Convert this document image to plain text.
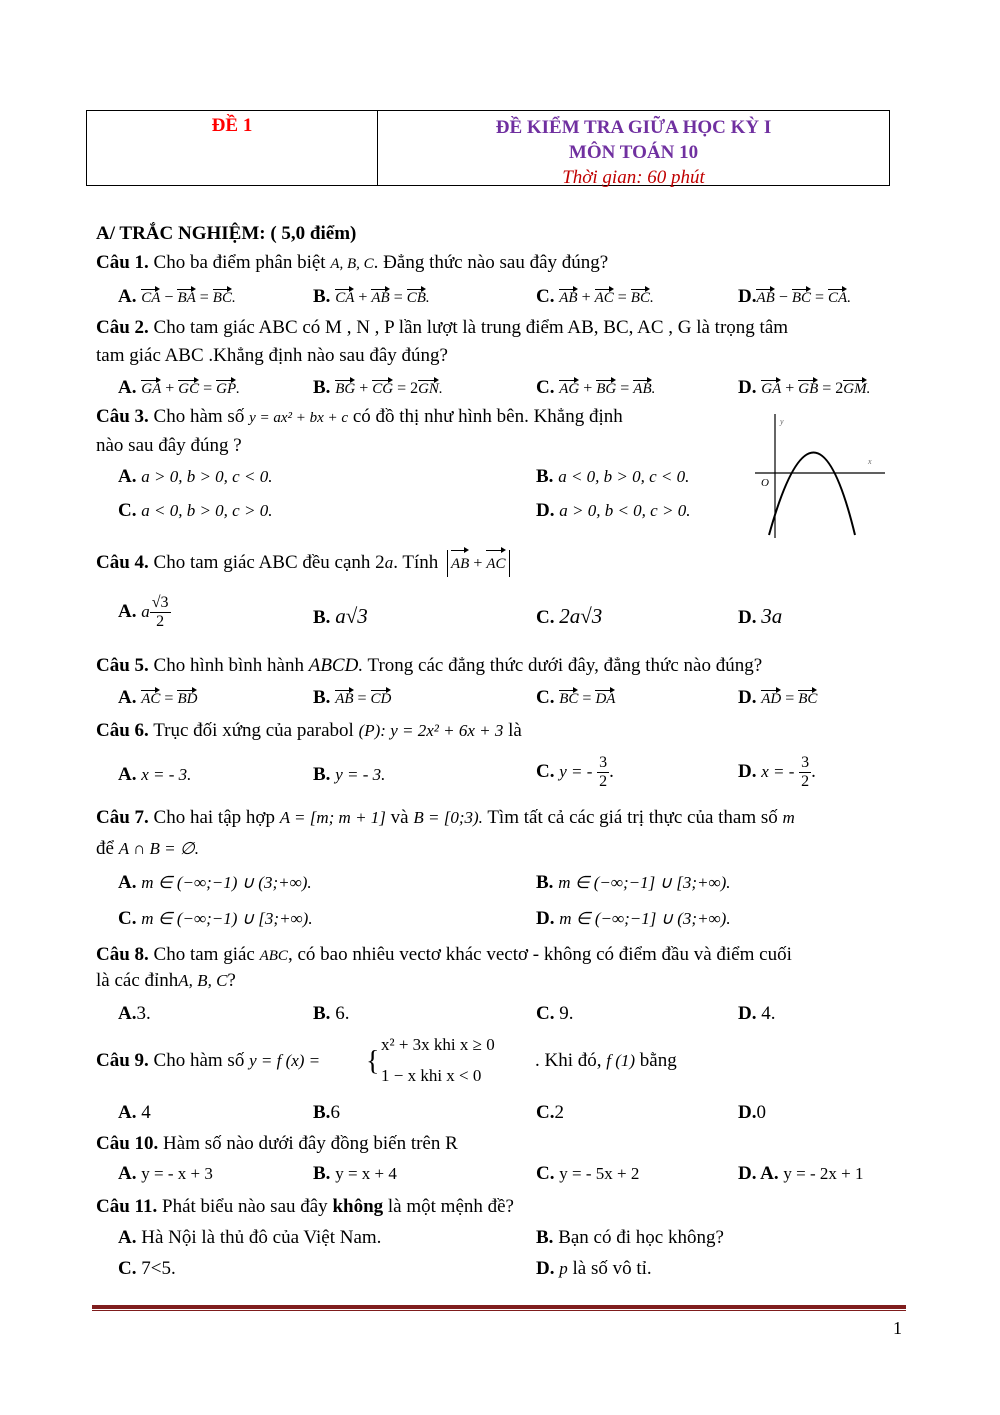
ĐỀ 1	ĐỀ KIỂM TRA GIỮA HỌC KỲ I
MÔN TOÁN 10
Thời gian: 60 phút
A/ TRẮC NGHIỆM: ( 5,0 điểm)
Câu 1. Cho ba điểm phân biệt A, B, C. Đẳng thức nào sau đây đúng?
A. CA − BA = BC.	B. CA + AB = CB.	C. AB + AC = BC.	D.AB − BC = CA.
Câu 2. Cho tam giác ABC có M , N , P lần lượt là trung điểm AB, BC, AC , G là trọng tâm
tam giác ABC .Khẳng định nào sau đây đúng?
A. GA + GC = GP.	B. BG + CG = 2GN.	C. AG + BG = AB.	D. GA + GB = 2GM.
Câu 3. Cho hàm số y = ax² + bx + c có đồ thị như hình bên. Khẳng định
nào sau đây đúng ?
A. a > 0, b > 0, c < 0.	B. a < 0, b > 0, c < 0.
C. a < 0, b > 0, c > 0.	D. a > 0, b < 0, c > 0.
y
x
O
Câu 4. Cho tam giác ABC đều cạnh 2a. Tính AB + AC
A. a $\frac{√3}{2}$	B. a√3	C. 2a√3	D. 3a
Câu 5. Cho hình bình hành ABCD. Trong các đẳng thức dưới đây, đẳng thức nào đúng?
A. AC = BD	B. AB = CD	C. BC = DA	D. AD = BC
Câu 6. Trục đối xứng của parabol (P): y = 2x² + 6x + 3 là
A. x = - 3.	B. y = - 3.	C. y = - $\frac{3}{2}$ .	D. x = - $\frac{3}{2}$ .
Câu 7. Cho hai tập hợp A = [m; m + 1] và B = [0;3). Tìm tất cả các giá trị thực của tham số m
để A ∩ B = ∅.
A. m ∈ (−∞;−1) ∪ (3;+∞).	B. m ∈ (−∞;−1] ∪ [3;+∞).
C. m ∈ (−∞;−1) ∪ [3;+∞).	D. m ∈ (−∞;−1] ∪ (3;+∞).
Câu 8. Cho tam giác ABC, có bao nhiêu vectơ khác vectơ - không có điểm đầu và điểm cuối
là các đỉnhA, B, C?
A.3.	B. 6.	C. 9.	D. 4.
Câu 9. Cho hàm số y = f (x) = {
x² + 3x khi x ≥ 0
1 − x khi x < 0
. Khi đó, f (1) bằng
A. 4	B.6	C.2	D.0
Câu 10. Hàm số nào dưới đây đồng biến trên R
A. y = - x + 3	B. y = x + 4	C. y = - 5x + 2	D. A. y = - 2x + 1
Câu 11. Phát biểu nào sau đây không là một mệnh đề?
A. Hà Nội là thủ đô của Việt Nam.	B. Bạn có đi học không?
C. 7<5.	D. p là số vô tỉ.
1
